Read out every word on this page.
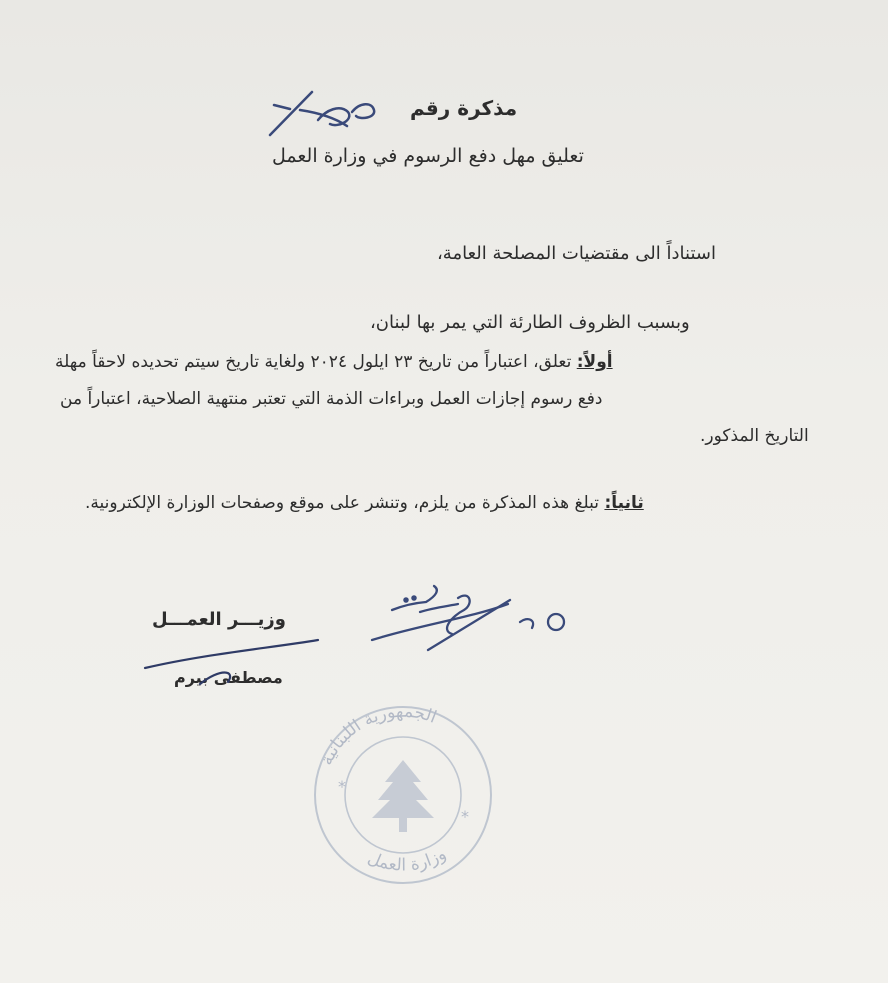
مذكرة رقم
تعليق مهل دفع الرسوم في وزارة العمل
استناداً الى مقتضيات المصلحة العامة،
وبسبب الظروف الطارئة التي يمر بها لبنان،
أولاً: تعلق، اعتباراً من تاريخ ٢٣ ايلول ٢٠٢٤ ولغاية تاريخ سيتم تحديده لاحقاً مهلة
دفع رسوم إجازات العمل وبراءات الذمة التي تعتبر منتهية الصلاحية، اعتباراً من
التاريخ المذكور.
ثانياً: تبلغ هذه المذكرة من يلزم، وتنشر على موقع وصفحات الوزارة الإلكترونية.
وزيـــر العمـــل
مصطفى بيرم
الجمهورية اللبنانية
وزارة العمل
*
*
